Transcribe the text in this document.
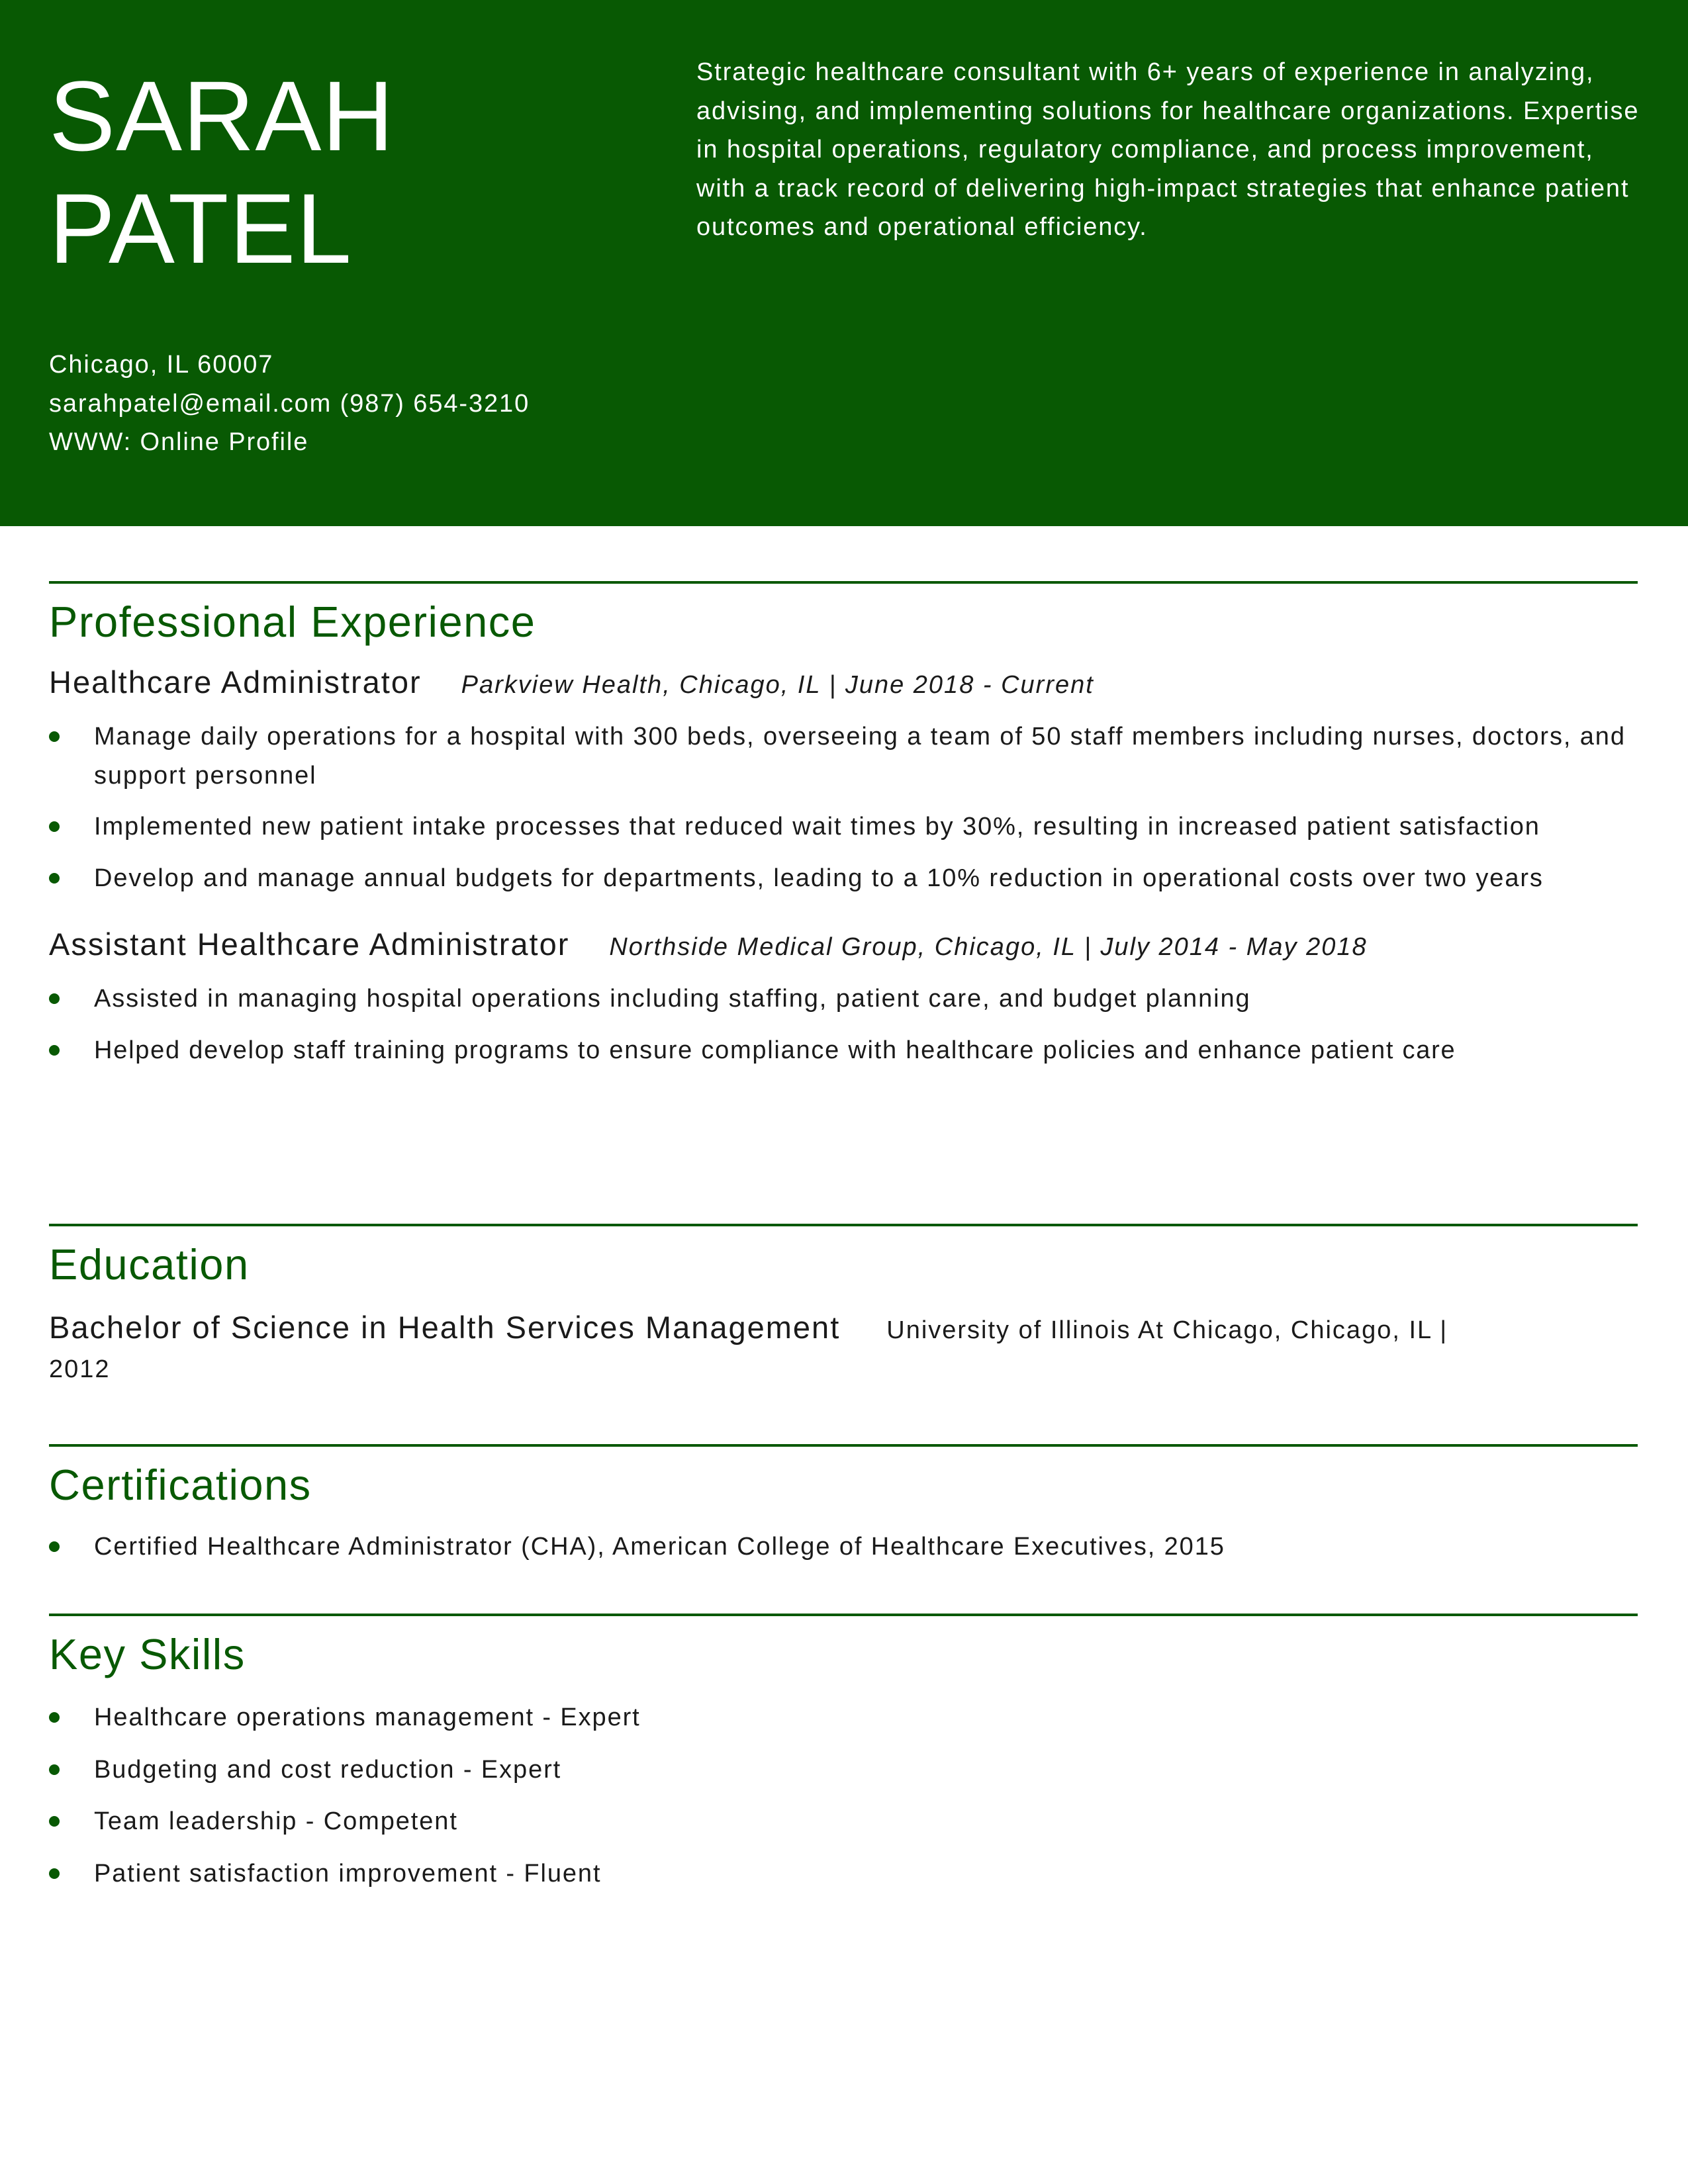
SARAH
PATEL

Strategic healthcare consultant with 6+ years of experience in analyzing, advising, and implementing solutions for healthcare organizations. Expertise in hospital operations, regulatory compliance, and process improvement, with a track record of delivering high-impact strategies that enhance patient outcomes and operational efficiency.

Chicago, IL 60007
sarahpatel@email.com (987) 654-3210
WWW: Online Profile
Professional Experience
Healthcare Administrator Parkview Health, Chicago, IL | June 2018 - Current
Manage daily operations for a hospital with 300 beds, overseeing a team of 50 staff members including nurses, doctors, and support personnel
Implemented new patient intake processes that reduced wait times by 30%, resulting in increased patient satisfaction
Develop and manage annual budgets for departments, leading to a 10% reduction in operational costs over two years
Assistant Healthcare Administrator Northside Medical Group, Chicago, IL | July 2014 - May 2018
Assisted in managing hospital operations including staffing, patient care, and budget planning
Helped develop staff training programs to ensure compliance with healthcare policies and enhance patient care
Education
Bachelor of Science in Health Services Management University of Illinois At Chicago, Chicago, IL |
2012
Certifications
Certified Healthcare Administrator (CHA), American College of Healthcare Executives, 2015
Key Skills
Healthcare operations management - Expert
Budgeting and cost reduction - Expert
Team leadership - Competent
Patient satisfaction improvement - Fluent
